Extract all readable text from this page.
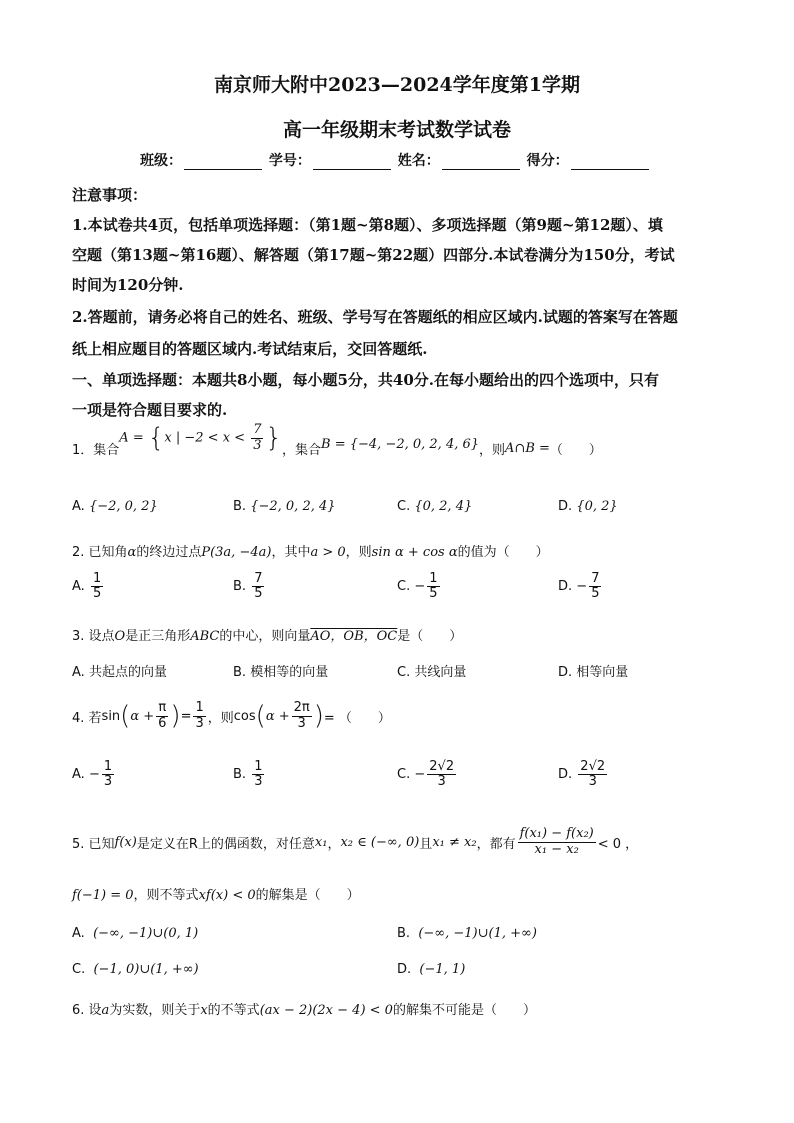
南京师大附中2023—2024学年度第1学期
高一年级期末考试数学试卷
班级：	学号：	姓名：	得分：
注意事项：
1.本试卷共4页，包括单项选择题：（第1题~第8题）、多项选择题（第9题~第12题）、填
空题（第13题~第16题）、解答题（第17题~第22题）四部分.本试卷满分为150分，考试
时间为120分钟.
2.答题前，请务必将自己的姓名、班级、学号写在答题纸的相应区域内.试题的答案写在答题
纸上相应题目的答题区域内.考试结束后，交回答题纸.
一、单项选择题：本题共8小题，每小题5分，共40分.在每小题给出的四个选项中，只有
一项是符合题目要求的.
1． 集合
A = {x | $-2 < x < \frac{7}{3}$ } ，集合 B = {−4, −2, 0, 2, 4, 6} ，则 A∩B = （　　）
A. {−2, 0, 2}	B. {−2, 0, 2, 4}	C. {0, 2, 4}	D. {0, 2}
2. 已知角α的终边过点P(3a, −4a)，其中a > 0，则sin α + cos α的值为（　　）
A.
$\frac{1}{5}$	B.
$\frac{7}{5}$	C.
− $\frac{1}{5}$	D.
− $\frac{7}{5}$
3. 设点O是正三角形ABC的中心，则向量AO，OB，OC是（　　）
A. 共起点的向量	B. 模相等的向量	C. 共线向量	D. 相等向量
4. 若 sin ( $\alpha + \frac{\pi}{6}$ ) = $\frac{1}{3}$ ，则 cos ( $\alpha + \frac{2\pi}{3}$ ) = （　　）
A.
− $\frac{1}{3}$	B.
$\frac{1}{3}$	C.
− $\frac{2√2}{3}$	D.
$\frac{2√2}{3}$
5. 已知 f(x) 是定义在R上的偶函数，对任意 x₁ ， x₂ ∈ (−∞, 0) 且 x₁ ≠ x₂ ，都有 $\frac{\text{f(x₁) − f(x₂)}}{\text{x₁ − x₂}} < 0$ ，
f(−1) = 0，则不等式xf(x) < 0的解集是（　　）
A. (−∞, −1)∪(0, 1)	B. (−∞, −1)∪(1, +∞)
C. (−1, 0)∪(1, +∞)	D. (−1, 1)
6. 设a为实数，则关于x的不等式(ax − 2)(2x − 4) < 0的解集不可能是（　　）
